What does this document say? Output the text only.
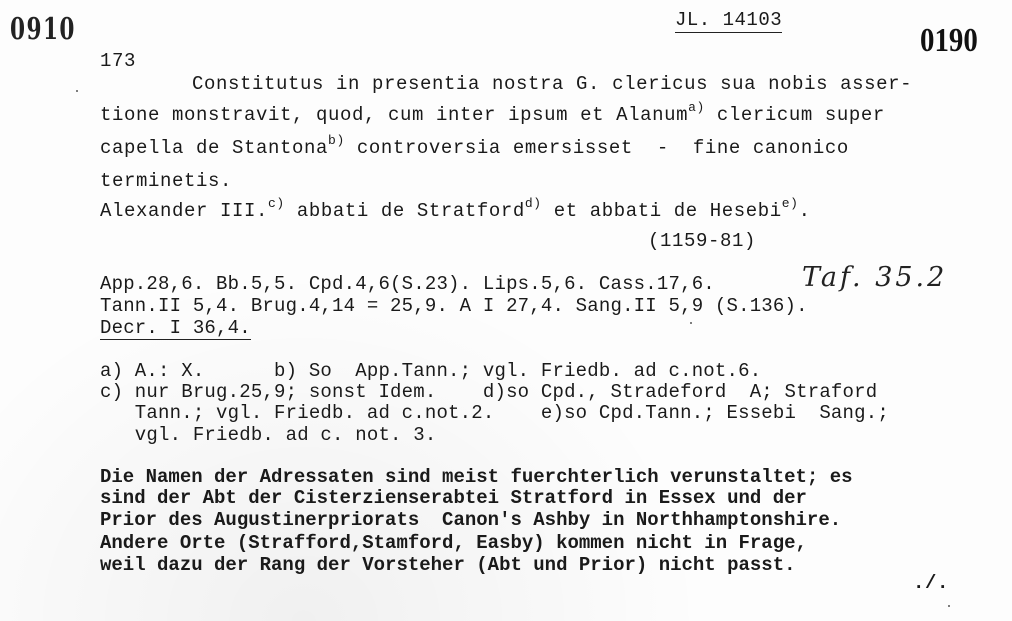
0910	JL. 14103
0190
173
Constitutus in presentia nostra G. clericus sua nobis asser-
tione monstravit, quod, cum inter ipsum et Alanum$^{a)}$ clericum super
capella de Stantona$^{b)}$ controversia emersisset  -  fine canonico
terminetis.
Alexander III.$^{c)}$ abbati de Stratford$^{d)}$ et abbati de Hesebi$^{e)}$.
(1159-81)
App.28,6. Bb.5,5. Cpd.4,6(S.23). Lips.5,6. Cass.17,6.	Taf. 35.2
Tann.II 5,4. Brug.4,14 = 25,9. A I 27,4. Sang.II 5,9 (S.136).
Decr. I 36,4.
a) A.: X.      b) So  App.Tann.; vgl. Friedb. ad c.not.6.
c) nur Brug.25,9; sonst Idem.    d)so Cpd., Stradeford  A; Straford
Tann.; vgl. Friedb. ad c.not.2.    e)so Cpd.Tann.; Essebi  Sang.;
vgl. Friedb. ad c. not. 3.
Die Namen der Adressaten sind meist fuerchterlich verunstaltet; es
sind der Abt der Cisterzienserabtei Stratford in Essex und der
Prior des Augustinerpriorats  Canon's Ashby in Northhamptonshire.
Andere Orte (Strafford,Stamford, Easby) kommen nicht in Frage,
weil dazu der Rang der Vorsteher (Abt und Prior) nicht passt.
./.
